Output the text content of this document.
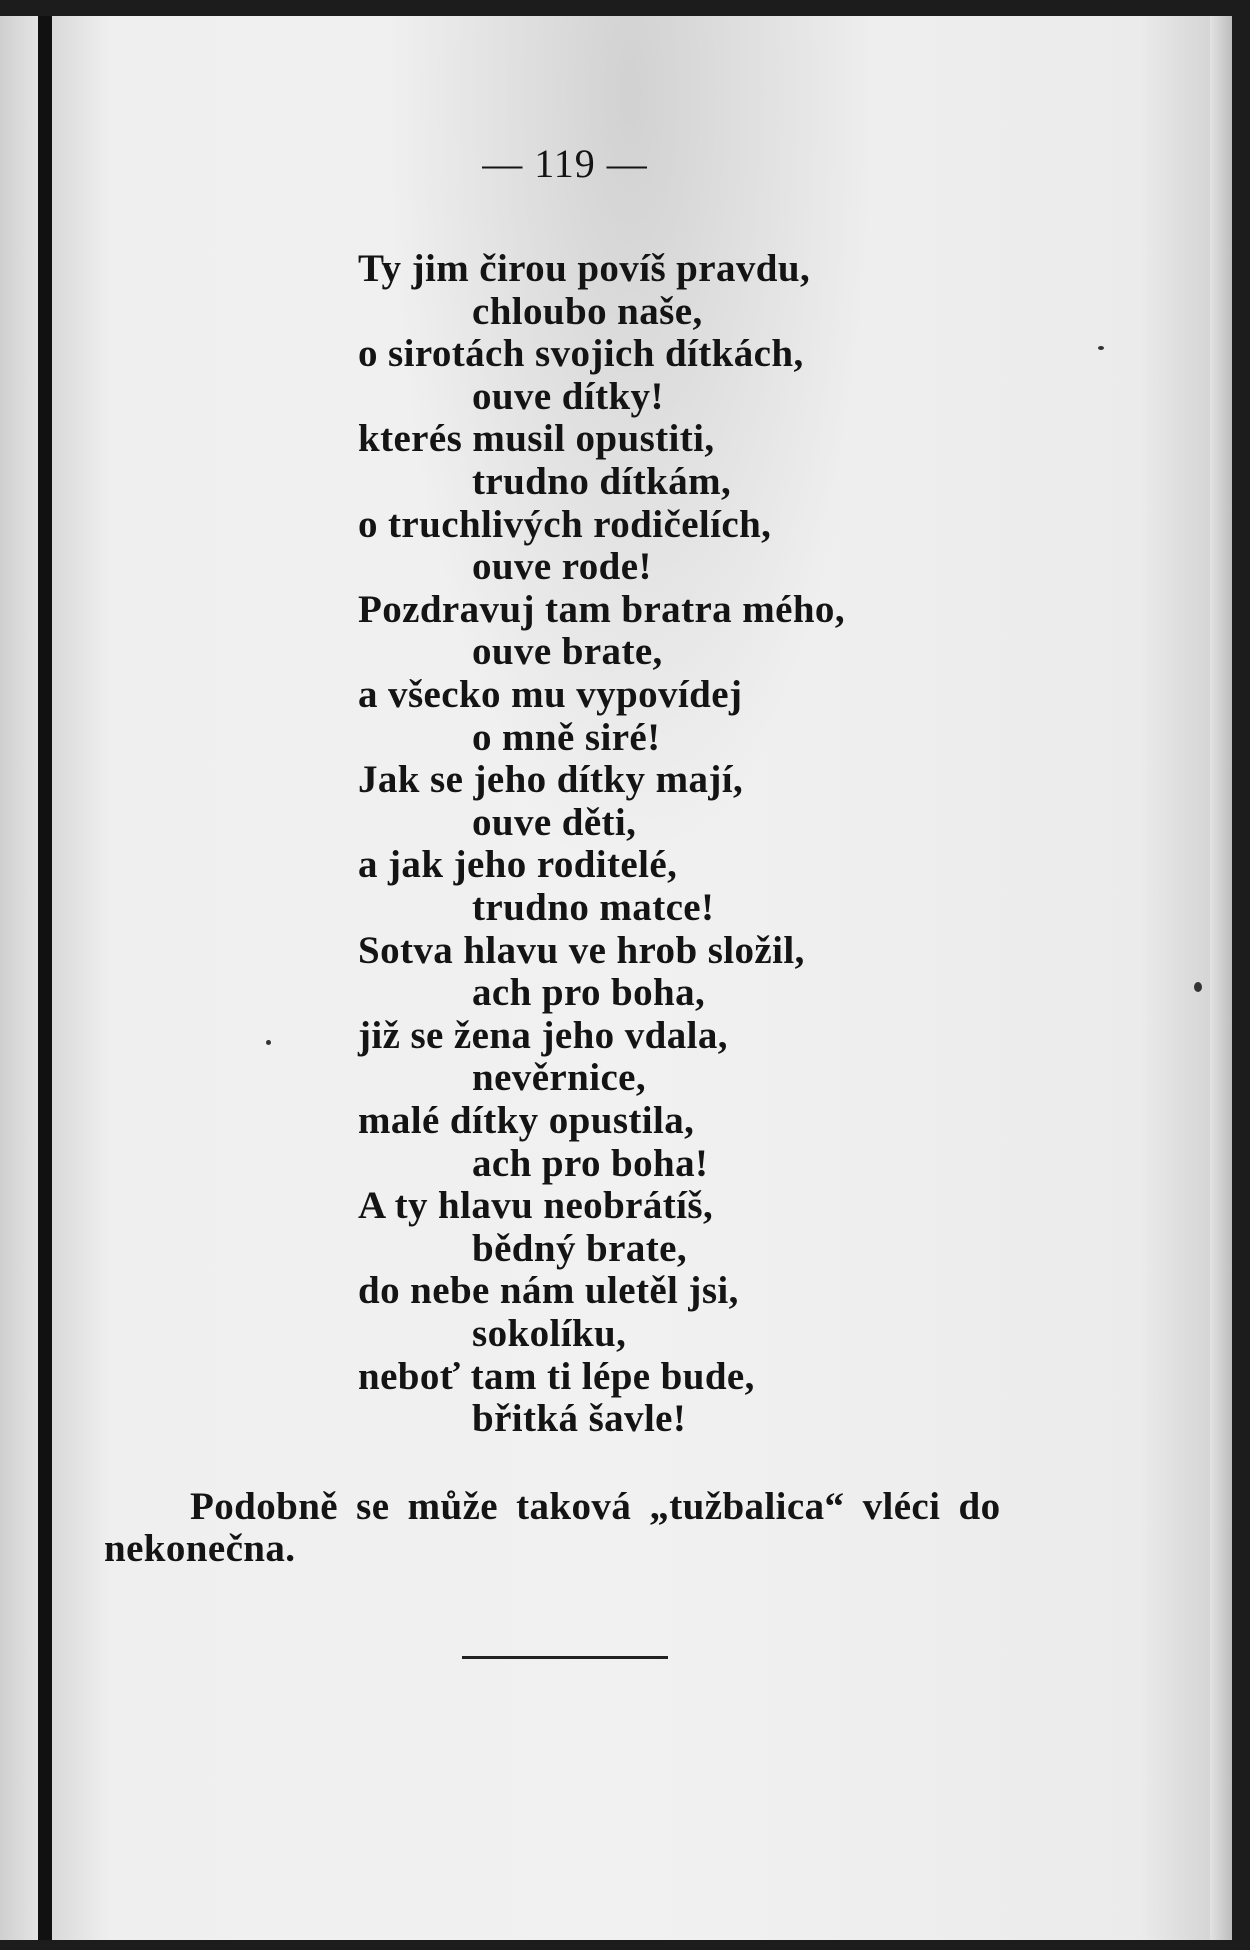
— 119 —
Ty jim čirou povíš pravdu,
chloubo naše,
o sirotách svojich dítkách,
ouve dítky!
kterés musil opustiti,
trudno dítkám,
o truchlivých rodičelích,
ouve rode!
Pozdravuj tam bratra mého,
ouve brate,
a všecko mu vypovídej
o mně siré!
Jak se jeho dítky mají,
ouve děti,
a jak jeho roditelé,
trudno matce!
Sotva hlavu ve hrob složil,
ach pro boha,
již se žena jeho vdala,
nevěrnice,
malé dítky opustila,
ach pro boha!
A ty hlavu neobrátíš,
bědný brate,
do nebe nám uletěl jsi,
sokolíku,
neboť tam ti lépe bude,
břitká šavle!
Podobně se může taková „tužbalica“ vléci do
nekonečna.
